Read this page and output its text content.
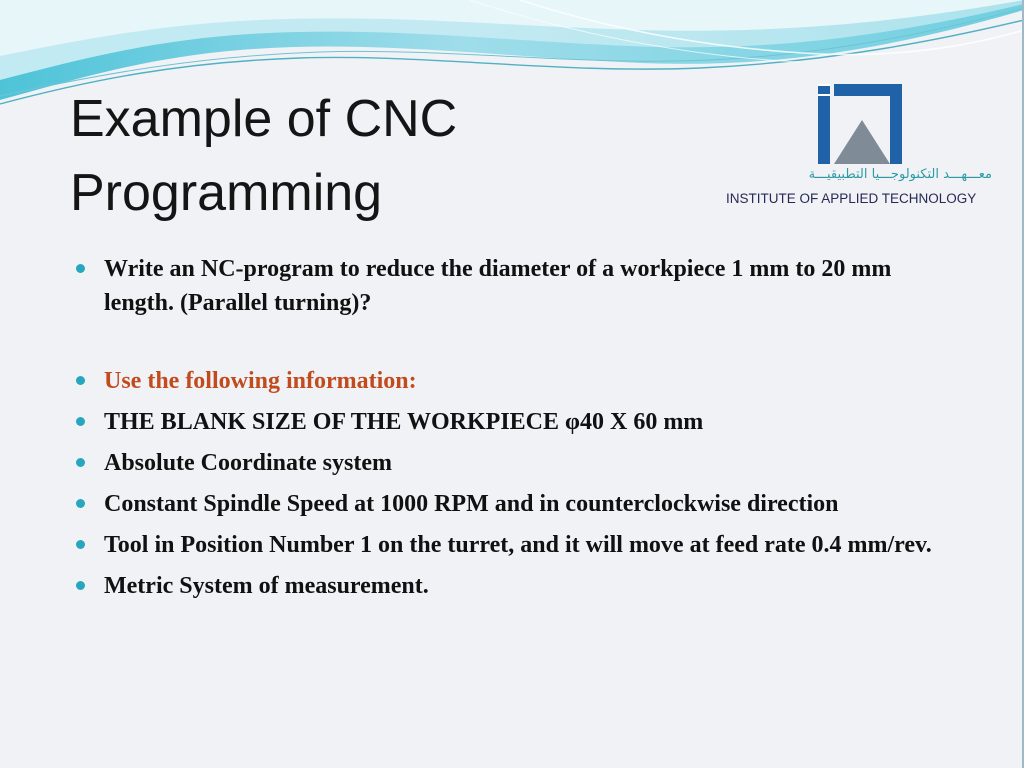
Example of CNC Programming	معـــهـــد التكنولوجـــيا التطبيقيـــة
INSTITUTE OF APPLIED TECHNOLOGY
Write an NC-program to reduce the diameter of a workpiece 1 mm to 20 mm length. (Parallel turning)?
Use the following information:
THE BLANK SIZE OF THE WORKPIECE φ40 X 60 mm
Absolute Coordinate system
Constant Spindle Speed at 1000 RPM and in counterclockwise direction
Tool in Position Number 1 on the turret, and it will move at feed rate 0.4 mm/rev.
Metric System of measurement.
